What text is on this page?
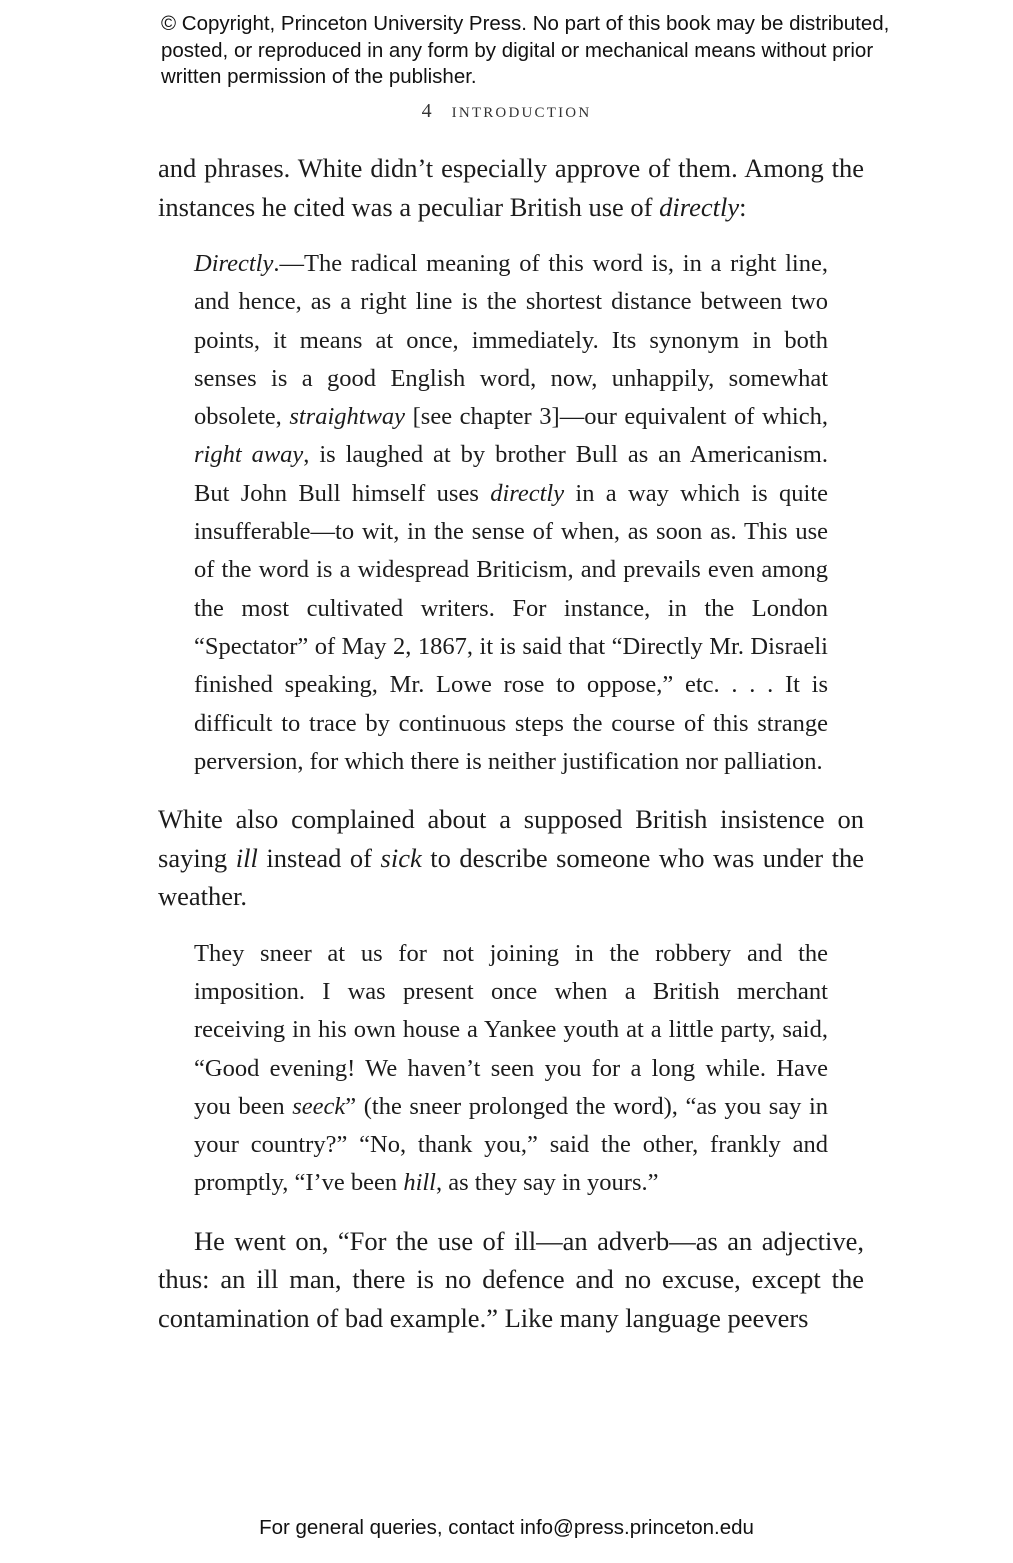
© Copyright, Princeton University Press. No part of this book may be distributed, posted, or reproduced in any form by digital or mechanical means without prior written permission of the publisher.
4 INTRODUCTION

and phrases. White didn’t especially approve of them. Among the instances he cited was a peculiar British use of directly:

Directly.—The radical meaning of this word is, in a right line, and hence, as a right line is the shortest distance between two points, it means at once, immediately. Its synonym in both senses is a good English word, now, unhappily, somewhat obsolete, straightway [see chapter 3]—our equivalent of which, right away, is laughed at by brother Bull as an Americanism. But John Bull himself uses directly in a way which is quite insufferable—to wit, in the sense of when, as soon as. This use of the word is a widespread Briticism, and prevails even among the most cultivated writers. For instance, in the London “Spectator” of May 2, 1867, it is said that “Directly Mr. Disraeli finished speaking, Mr. Lowe rose to oppose,” etc. . . . It is difficult to trace by continuous steps the course of this strange perversion, for which there is neither justification nor palliation.

White also complained about a supposed British insistence on saying ill instead of sick to describe someone who was under the weather.

They sneer at us for not joining in the robbery and the imposition. I was present once when a British merchant receiving in his own house a Yankee youth at a little party, said, “Good evening! We haven’t seen you for a long while. Have you been seeck” (the sneer prolonged the word), “as you say in your country?” “No, thank you,” said the other, frankly and promptly, “I’ve been hill, as they say in yours.”

He went on, “For the use of ill—an adverb—as an adjective, thus: an ill man, there is no defence and no excuse, except the contamination of bad example.” Like many language peevers

For general queries, contact info@press.princeton.edu
